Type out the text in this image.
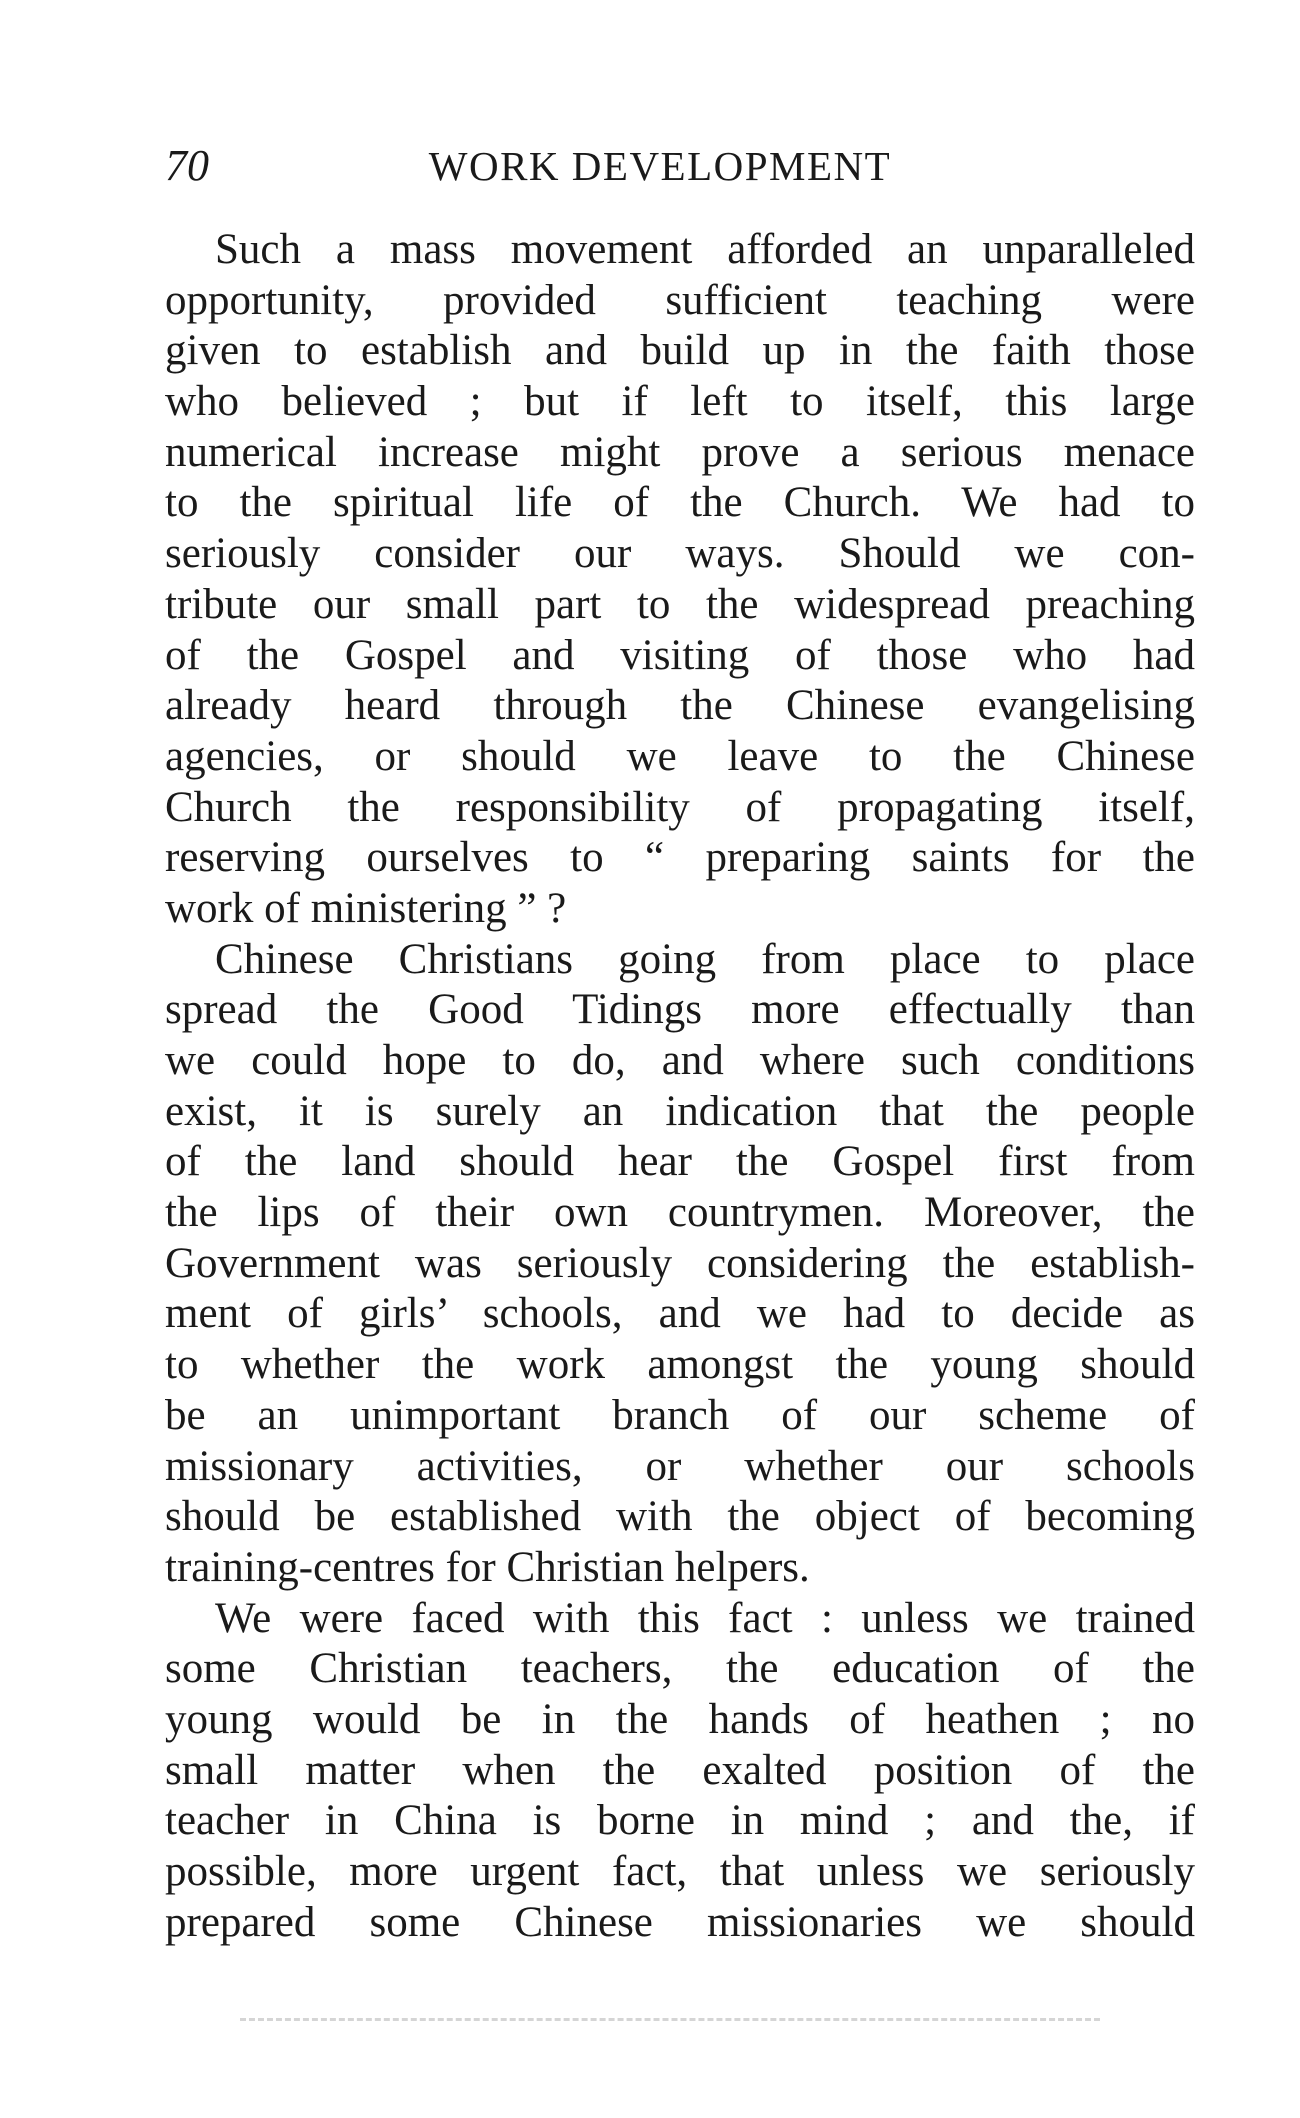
70	WORK DEVELOPMENT
Such a mass movement afforded an unparalleled
opportunity, provided sufficient teaching were
given to establish and build up in the faith those
who believed ; but if left to itself, this large
numerical increase might prove a serious menace
to the spiritual life of the Church. We had to
seriously consider our ways. Should we con-
tribute our small part to the widespread preaching
of the Gospel and visiting of those who had
already heard through the Chinese evangelising
agencies, or should we leave to the Chinese
Church the responsibility of propagating itself,
reserving ourselves to “ preparing saints for the
work of ministering ” ?
Chinese Christians going from place to place
spread the Good Tidings more effectually than
we could hope to do, and where such conditions
exist, it is surely an indication that the people
of the land should hear the Gospel first from
the lips of their own countrymen. Moreover, the
Government was seriously considering the establish-
ment of girls’ schools, and we had to decide as
to whether the work amongst the young should
be an unimportant branch of our scheme of
missionary activities, or whether our schools
should be established with the object of becoming
training-centres for Christian helpers.
We were faced with this fact : unless we trained
some Christian teachers, the education of the
young would be in the hands of heathen ; no
small matter when the exalted position of the
teacher in China is borne in mind ; and the, if
possible, more urgent fact, that unless we seriously
prepared some Chinese missionaries we should
